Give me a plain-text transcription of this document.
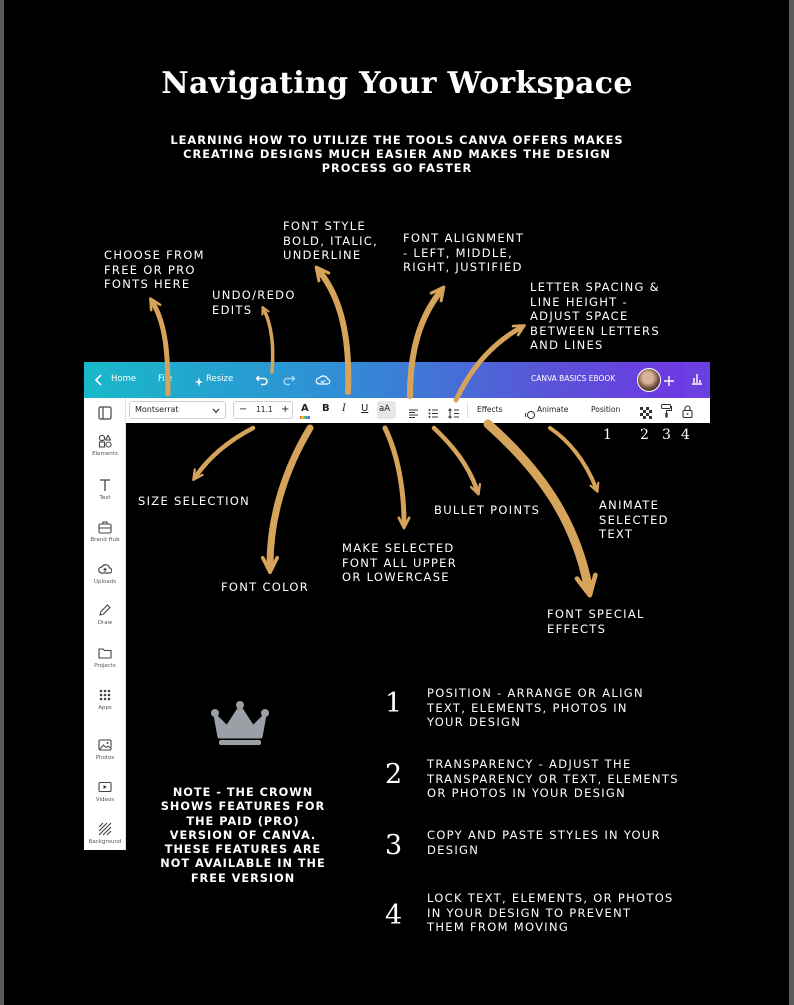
Navigating Your Workspace

LEARNING HOW TO UTILIZE THE TOOLS CANVA OFFERS MAKES CREATING DESIGNS MUCH EASIER AND MAKES THE DESIGN PROCESS GO FASTER

CHOOSE FROM
FREE OR PRO
FONTS HERE
UNDO/REDO
EDITS
FONT STYLE
BOLD, ITALIC,
UNDERLINE
FONT ALIGNMENT
- LEFT, MIDDLE,
RIGHT, JUSTIFIED
LETTER SPACING &
LINE HEIGHT -
ADJUST SPACE
BETWEEN LETTERS
AND LINES
SIZE SELECTION
BULLET POINTS	ANIMATE
SELECTED
TEXT
MAKE SELECTED
FONT ALL UPPER
OR LOWERCASE
FONT COLOR
FONT SPECIAL
EFFECTS
Home	File	Resize	CANVA BASICS EBOOK
Montserrat	− 11.1 + A B I U aA	Effects	Animate	Position
Elements
Text
Brand Hub
Uploads
Draw
Projects
Apps
Photos
Videos
Background
1 2 3 4

NOTE - THE CROWN SHOWS FEATURES FOR THE PAID (PRO) VERSION OF CANVA. THESE FEATURES ARE NOT AVAILABLE IN THE FREE VERSION

1 POSITION - ARRANGE OR ALIGN
TEXT, ELEMENTS, PHOTOS IN
YOUR DESIGN
2 TRANSPARENCY - ADJUST THE
TRANSPARENCY OR TEXT, ELEMENTS
OR PHOTOS IN YOUR DESIGN
3 COPY AND PASTE STYLES IN YOUR
DESIGN
4
LOCK TEXT, ELEMENTS, OR PHOTOS
IN YOUR DESIGN TO PREVENT
THEM FROM MOVING
